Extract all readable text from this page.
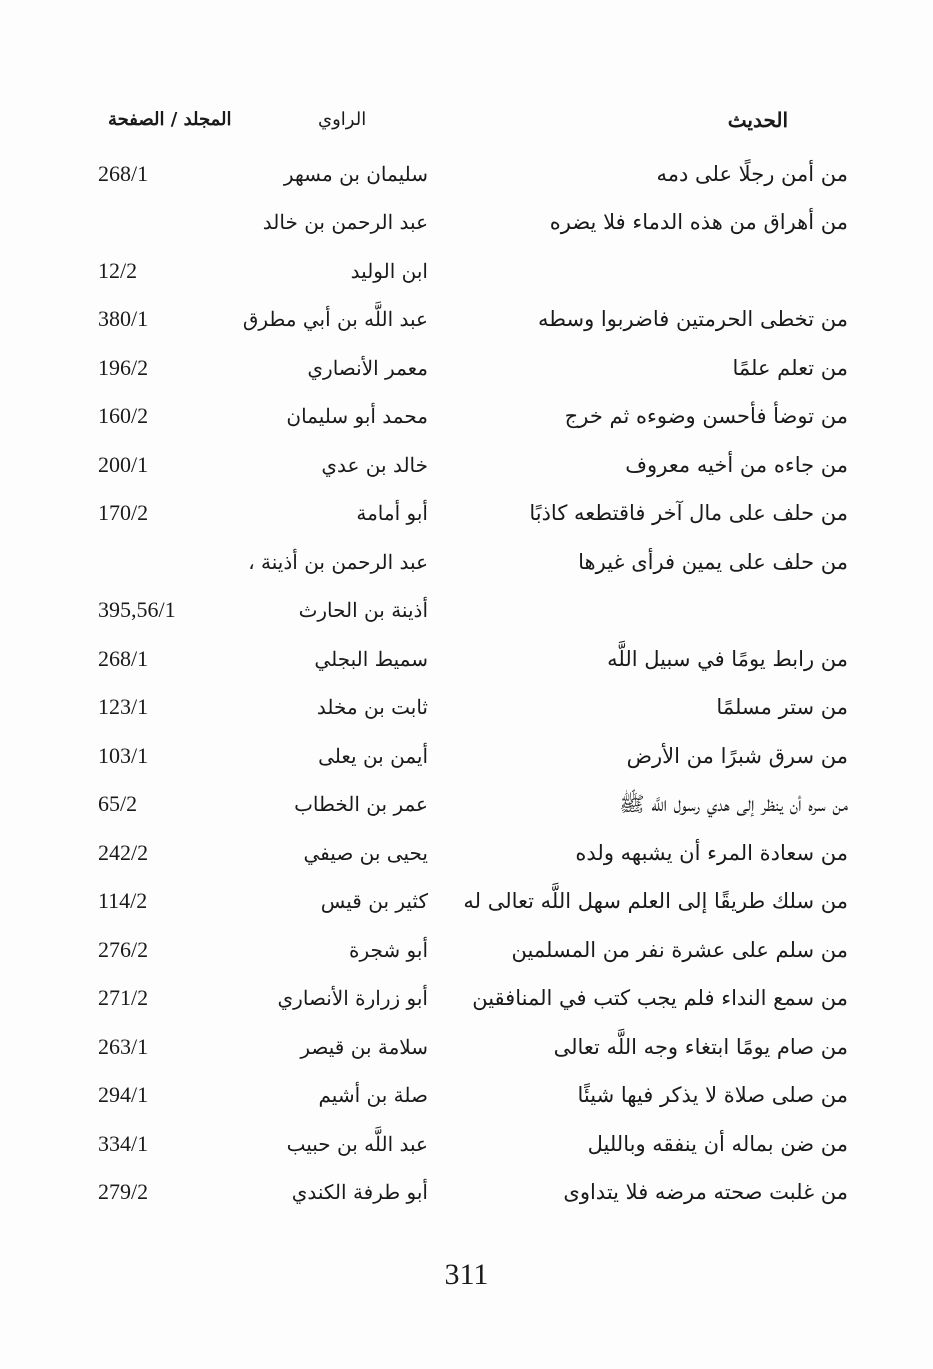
الحديث
الراوي
المجلد / الصفحة
من أمن رجلًا على دمه
سليمان بن مسهر
268/1
من أهراق من هذه الدماء فلا يضره
عبد الرحمن بن خالد
ابن الوليد
12/2
من تخطى الحرمتين فاضربوا وسطه
عبد اللَّه بن أبي مطرق
380/1
من تعلم علمًا
معمر الأنصاري
196/2
من توضأ فأحسن وضوءه ثم خرج
محمد أبو سليمان
160/2
من جاءه من أخيه معروف
خالد بن عدي
200/1
من حلف على مال آخر فاقتطعه كاذبًا
أبو أمامة
170/2
من حلف على يمين فرأى غيرها
عبد الرحمن بن أذينة ،
أذينة بن الحارث
395,56/1
من رابط يومًا في سبيل اللَّه
سميط البجلي
268/1
من ستر مسلمًا
ثابت بن مخلد
123/1
من سرق شبرًا من الأرض
أيمن بن يعلى
103/1
من سره أن ينظر إلى هدي رسول اللَّه ﷺ
عمر بن الخطاب
65/2
من سعادة المرء أن يشبهه ولده
يحيى بن صيفي
242/2
من سلك طريقًا إلى العلم سهل اللَّه تعالى له
كثير بن قيس
114/2
من سلم على عشرة نفر من المسلمين
أبو شجرة
276/2
من سمع النداء فلم يجب كتب في المنافقين
أبو زرارة الأنصاري
271/2
من صام يومًا ابتغاء وجه اللَّه تعالى
سلامة بن قيصر
263/1
من صلى صلاة لا يذكر فيها شيئًا
صلة بن أشيم
294/1
من ضن بماله أن ينفقه وبالليل
عبد اللَّه بن حبيب
334/1
من غلبت صحته مرضه فلا يتداوى
أبو طرفة الكندي
279/2
311
